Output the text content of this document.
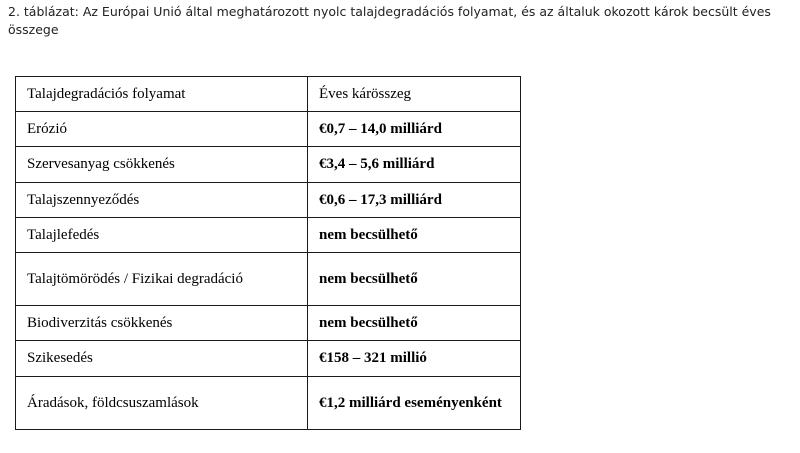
2. táblázat: Az Európai Unió által meghatározott nyolc talajdegradációs folyamat, és az általuk okozott károk becsült éves összege
Talajdegradációs folyamat	Éves kárösszeg
Erózió	€0,7 – 14,0 milliárd
Szervesanyag csökkenés	€3,4 – 5,6 milliárd
Talajszennyeződés	€0,6 – 17,3 milliárd
Talajlefedés	nem becsülhető
Talajtömörödés / Fizikai degradáció	nem becsülhető
Biodiverzitás csökkenés	nem becsülhető
Szikesedés	€158 – 321 millió
Áradások, földcsuszamlások	€1,2 milliárd eseményenként
